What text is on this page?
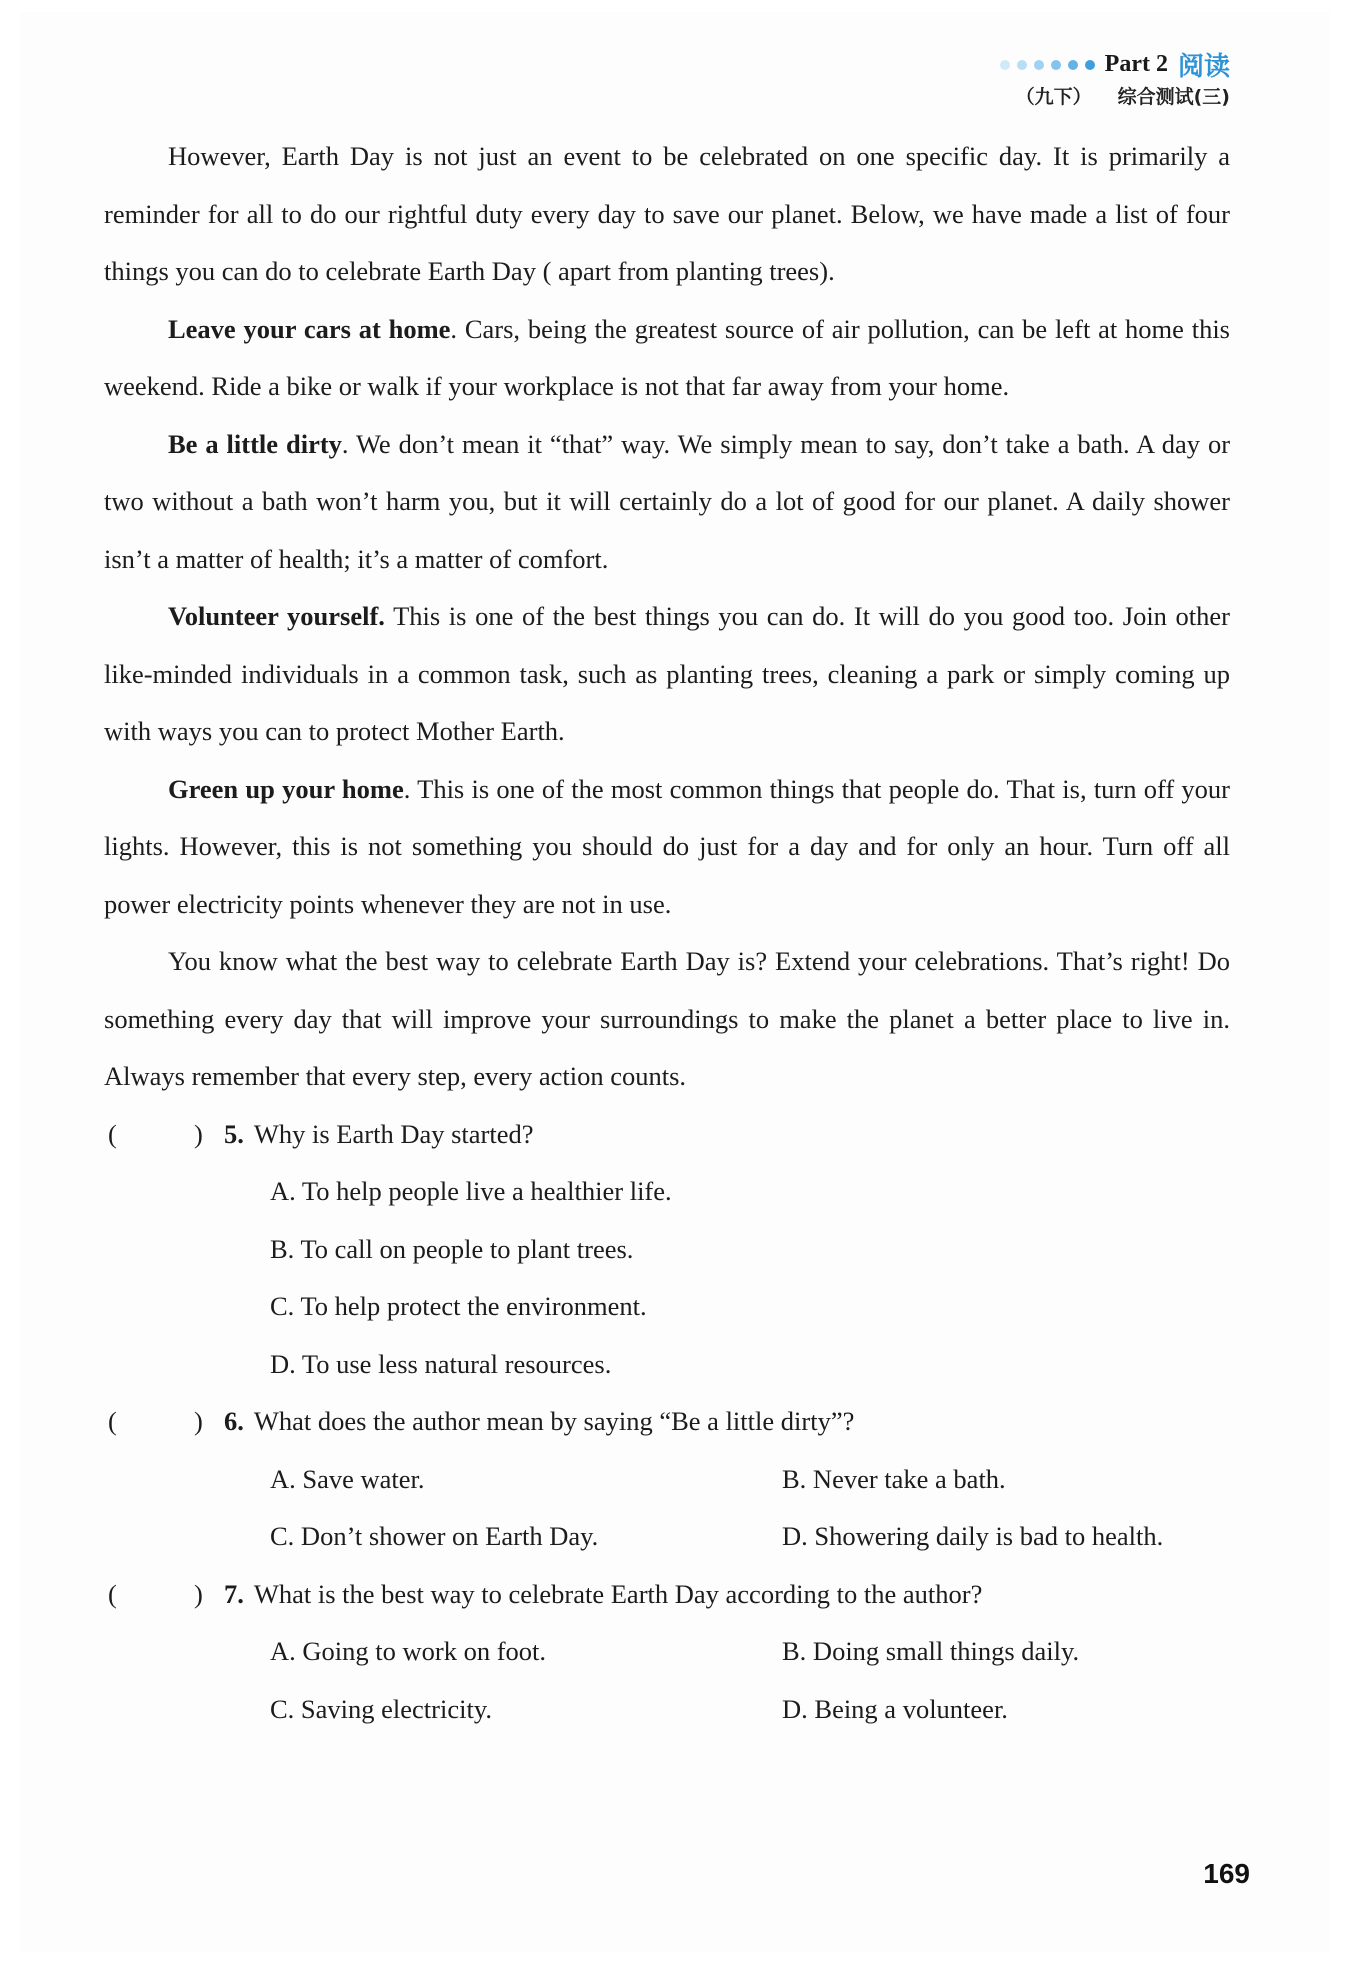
Part 2 阅读
（九下） 综合测试(三)

However, Earth Day is not just an event to be celebrated on one specific day. It is primarily a reminder for all to do our rightful duty every day to save our planet. Below, we have made a list of four things you can do to celebrate Earth Day ( apart from planting trees).

Leave your cars at home. Cars, being the greatest source of air pollution, can be left at home this weekend. Ride a bike or walk if your workplace is not that far away from your home.

Be a little dirty. We don’t mean it “that” way. We simply mean to say, don’t take a bath. A day or two without a bath won’t harm you, but it will certainly do a lot of good for our planet. A daily shower isn’t a matter of health; it’s a matter of comfort.

Volunteer yourself. This is one of the best things you can do. It will do you good too. Join other like-minded individuals in a common task, such as planting trees, cleaning a park or simply coming up with ways you can to protect Mother Earth.

Green up your home. This is one of the most common things that people do. That is, turn off your lights. However, this is not something you should do just for a day and for only an hour. Turn off all power electricity points whenever they are not in use.

You know what the best way to celebrate Earth Day is? Extend your celebrations. That’s right! Do something every day that will improve your surroundings to make the planet a better place to live in. Always remember that every step, every action counts.

(	) 5. Why is Earth Day started?
A. To help people live a healthier life.
B. To call on people to plant trees.
C. To help protect the environment.
D. To use less natural resources.
(	) 6. What does the author mean by saying “Be a little dirty”?
A. Save water.	B. Never take a bath.
C. Don’t shower on Earth Day.	D. Showering daily is bad to health.
(	) 7. What is the best way to celebrate Earth Day according to the author?
A. Going to work on foot.	B. Doing small things daily.
C. Saving electricity.	D. Being a volunteer.
169
